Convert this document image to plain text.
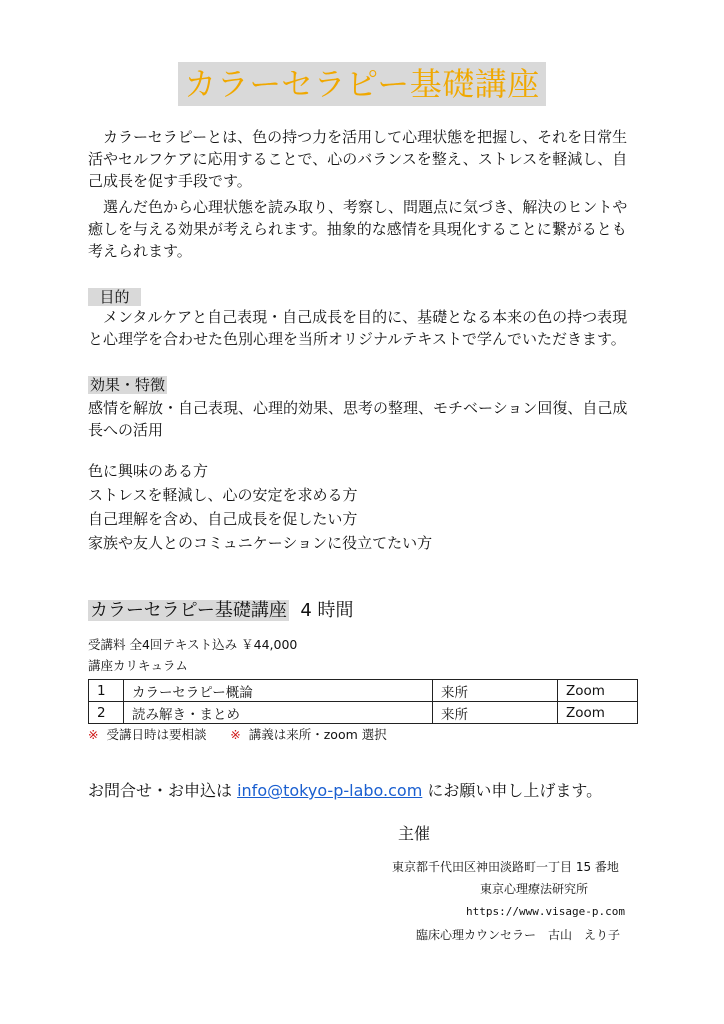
カラーセラピー基礎講座

カラーセラピーとは、色の持つ力を活用して心理状態を把握し、それを日常生活やセルフケアに応用することで、心のバランスを整え、ストレスを軽減し、自己成長を促す手段です。

選んだ色から心理状態を読み取り、考察し、問題点に気づき、解決のヒントや癒しを与える効果が考えられます。抽象的な感情を具現化することに繋がるとも考えられます。

目的

メンタルケアと自己表現・自己成長を目的に、基礎となる本来の色の持つ表現と心理学を合わせた色別心理を当所オリジナルテキストで学んでいただきます。

効果・特徴

感情を解放・自己表現、心理的効果、思考の整理、モチベーション回復、自己成長への活用

色に興味のある方
ストレスを軽減し、心の安定を求める方
自己理解を含め、自己成長を促したい方
家族や友人とのコミュニケーションに役立てたい方
カラーセラピー基礎講座 4 時間
受講料 全4回テキスト込み ￥44,000
講座カリキュラム
1	カラーセラピー概論	来所	Zoom
2	読み解き・まとめ	来所	Zoom
※ 受講日時は要相談 ※ 講義は来所・zoom 選択
お問合せ・お申込は info@tokyo-p-labo.com にお願い申し上げます。
主催
東京都千代田区神田淡路町一丁目 15 番地
東京心理療法研究所
https://www.visage-p.com
臨床心理カウンセラー　古山　えり子
